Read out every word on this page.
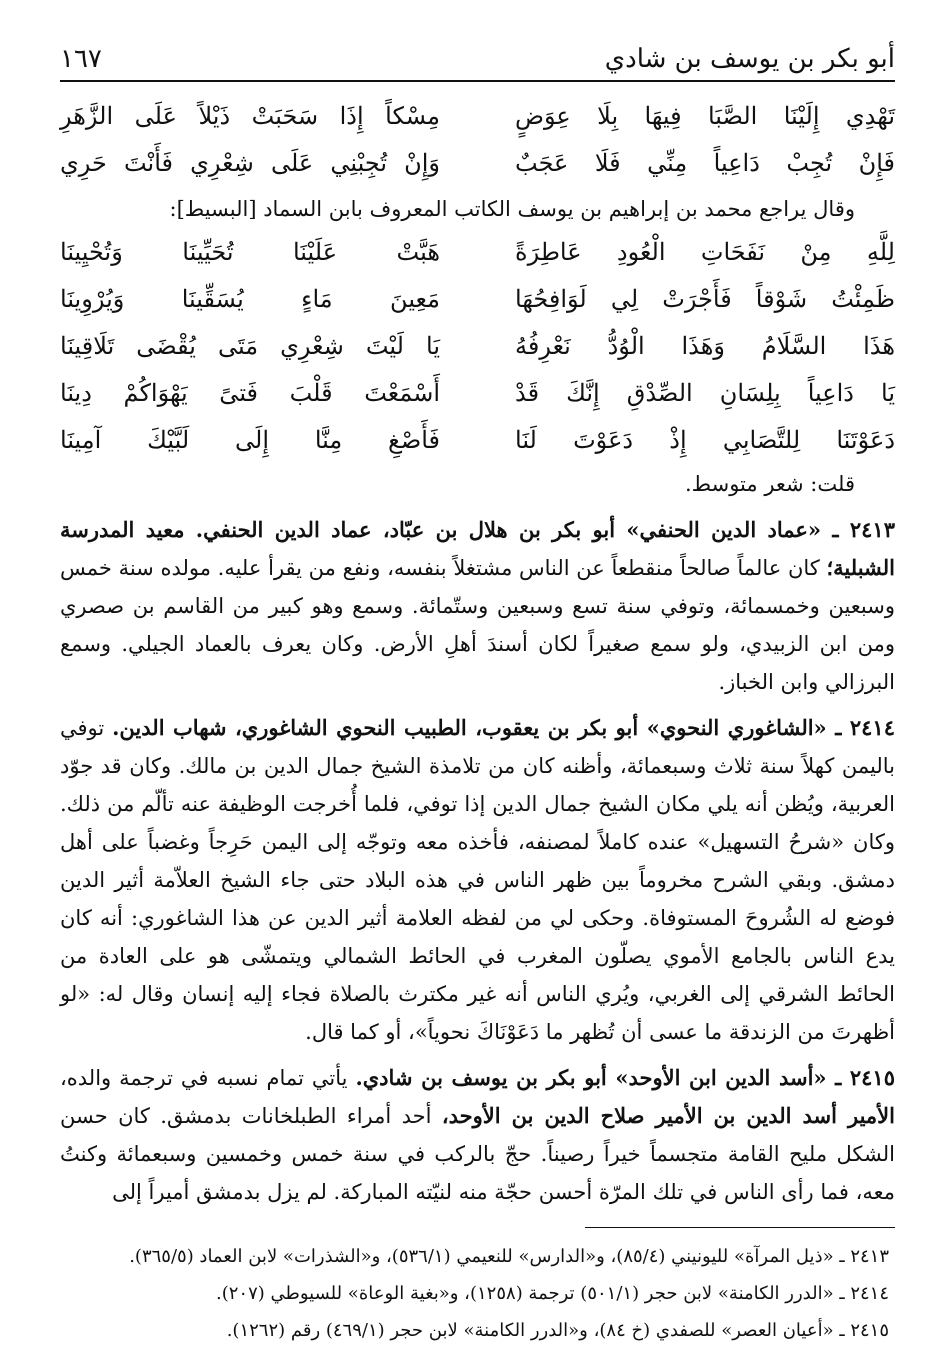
أبو بكر بن يوسف بن شادي
١٦٧
تَهْدِي إِلَيْنَا الصَّبَا فِيهَا بِلَا عِوَضٍ
مِسْكاً إِذَا سَحَبَتْ ذَيْلاً عَلَى الزَّهَرِ
فَإِنْ تُجِبْ دَاعِياً مِنِّي فَلَا عَجَبٌ
وَإِنْ تُجِبْنِي عَلَى شِعْرِي فَأَنْتَ حَرِي

وقال يراجع محمد بن إبراهيم بن يوسف الكاتب المعروف بابن السماد [البسيط]:

لِلَّهِ مِنْ نَفَحَاتِ الْعُودِ عَاطِرَةً
هَبَّتْ عَلَيْنَا تُحَيِّينَا وَتُحْيِينَا
ظَمِئْتُ شَوْقاً فَأَجْرَتْ لِي لَوَافِحُهَا
مَعِينَ مَاءٍ يُسَقِّينَا وَيُرْوِينَا
هَذَا السَّلَامُ وَهَذَا الْوُدُّ نَعْرِفُهُ
يَا لَيْتَ شِعْرِي مَتَى يُقْضَى تَلَاقِينَا
يَا دَاعِياً بِلِسَانِ الصِّدْقِ إِنَّكَ قَدْ
أَسْمَعْتَ قَلْبَ فَتىً يَهْوَاكُمْ دِينَا
دَعَوْتَنَا لِلتَّصَابِي إِذْ دَعَوْتَ لَنَا
فَأَصْغِ مِنَّا إِلَى لَبَّيْكَ آمِينَا

قلت: شعر متوسط.

٢٤١٣ ـ «عماد الدين الحنفي» أبو بكر بن هلال بن عبّاد، عماد الدين الحنفي. معيد المدرسة الشبلية؛ كان عالماً صالحاً منقطعاً عن الناس مشتغلاً بنفسه، ونفع من يقرأ عليه. مولده سنة خمس وسبعين وخمسمائة، وتوفي سنة تسع وسبعين وستّمائة. وسمع وهو كبير من القاسم بن صصري ومن ابن الزبيدي، ولو سمع صغيراً لكان أسندَ أهلِ الأرض. وكان يعرف بالعماد الجيلي. وسمع البرزالي وابن الخباز.

٢٤١٤ ـ «الشاغوري النحوي» أبو بكر بن يعقوب، الطبيب النحوي الشاغوري، شهاب الدين. توفي باليمن كهلاً سنة ثلاث وسبعمائة، وأظنه كان من تلامذة الشيخ جمال الدين بن مالك. وكان قد جوّد العربية، ويُظن أنه يلي مكان الشيخ جمال الدين إذا توفي، فلما أُخرجت الوظيفة عنه تألّم من ذلك. وكان «شرحُ التسهيل» عنده كاملاً لمصنفه، فأخذه معه وتوجّه إلى اليمن حَرِجاً وغضباً على أهل دمشق. وبقي الشرح مخروماً بين ظهر الناس في هذه البلاد حتى جاء الشيخ العلاّمة أثير الدين فوضع له الشُروحَ المستوفاة. وحكى لي من لفظه العلامة أثير الدين عن هذا الشاغوري: أنه كان يدع الناس بالجامع الأموي يصلّون المغرب في الحائط الشمالي ويتمشّى هو على العادة من الحائط الشرقي إلى الغربي، ويُري الناس أنه غير مكترث بالصلاة فجاء إليه إنسان وقال له: «لو أظهرتَ من الزندقة ما عسى أن تُظهر ما دَعَوْنَاكَ نحوياً»، أو كما قال.

٢٤١٥ ـ «أسد الدين ابن الأوحد» أبو بكر بن يوسف بن شادي. يأتي تمام نسبه في ترجمة والده، الأمير أسد الدين بن الأمير صلاح الدين بن الأوحد، أحد أمراء الطبلخانات بدمشق. كان حسن الشكل مليح القامة متجسماً خيراً رصيناً. حجّ بالركب في سنة خمس وخمسين وسبعمائة وكنتُ معه، فما رأى الناس في تلك المرّة أحسن حجّة منه لنيّته المباركة. لم يزل بدمشق أميراً إلى

٢٤١٣ ـ «ذيل المرآة» لليونيني (٨٥/٤)، و«الدارس» للنعيمي (٥٣٦/١)، و«الشذرات» لابن العماد (٣٦٥/٥).

٢٤١٤ ـ «الدرر الكامنة» لابن حجر (٥٠١/١) ترجمة (١٢٥٨)، و«بغية الوعاة» للسيوطي (٢٠٧).

٢٤١٥ ـ «أعيان العصر» للصفدي (خ ٨٤)، و«الدرر الكامنة» لابن حجر (٤٦٩/١) رقم (١٢٦٢).
